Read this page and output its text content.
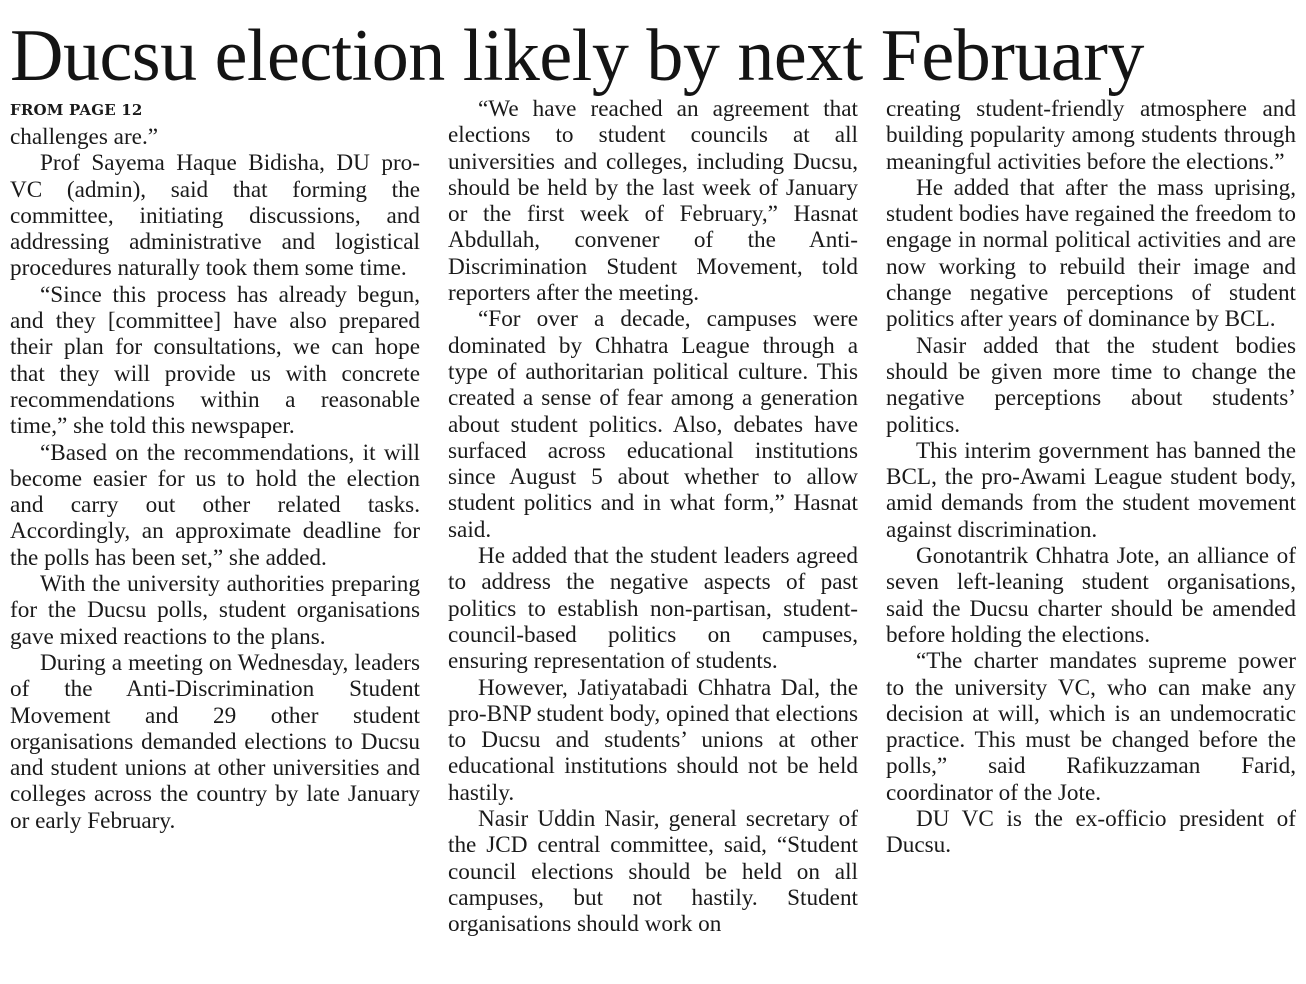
Ducsu election likely by next February
FROM PAGE 12

challenges are.”

Prof Sayema Haque Bidisha, DU pro-VC (admin), said that forming the committee, initiating discussions, and addressing administrative and logistical procedures naturally took them some time.

“Since this process has already begun, and they [committee] have also prepared their plan for consultations, we can hope that they will provide us with concrete recommendations within a reasonable time,” she told this newspaper.

“Based on the recommendations, it will become easier for us to hold the election and carry out other related tasks. Accordingly, an approximate deadline for the polls has been set,” she added.

With the university authorities preparing for the Ducsu polls, student organisations gave mixed reactions to the plans.

During a meeting on Wednesday, leaders of the Anti-Discrimination Student Movement and 29 other student organisations demanded elections to Ducsu and student unions at other universities and colleges across the country by late January or early February.

“We have reached an agreement that elections to student councils at all universities and colleges, including Ducsu, should be held by the last week of January or the first week of February,” Hasnat Abdullah, convener of the Anti-Discrimination Student Movement, told reporters after the meeting.

“For over a decade, campuses were dominated by Chhatra League through a type of authoritarian political culture. This created a sense of fear among a generation about student politics. Also, debates have surfaced across educational institutions since August 5 about whether to allow student politics and in what form,” Hasnat said.

He added that the student leaders agreed to address the negative aspects of past politics to establish non-partisan, student-council-based politics on campuses, ensuring representation of students.

However, Jatiyatabadi Chhatra Dal, the pro-BNP student body, opined that elections to Ducsu and students’ unions at other educational institutions should not be held hastily.

Nasir Uddin Nasir, general secretary of the JCD central committee, said, “Student council elections should be held on all campuses, but not hastily. Student organisations should work on

creating student-friendly atmosphere and building popularity among students through meaningful activities before the elections.”

He added that after the mass uprising, student bodies have regained the freedom to engage in normal political activities and are now working to rebuild their image and change negative perceptions of student politics after years of dominance by BCL.

Nasir added that the student bodies should be given more time to change the negative perceptions about students’ politics.

This interim government has banned the BCL, the pro-Awami League student body, amid demands from the student movement against discrimination.

Gonotantrik Chhatra Jote, an alliance of seven left-leaning student organisations, said the Ducsu charter should be amended before holding the elections.

“The charter mandates supreme power to the university VC, who can make any decision at will, which is an undemocratic practice. This must be changed before the polls,” said Rafikuzzaman Farid, coordinator of the Jote.

DU VC is the ex-officio president of Ducsu.
